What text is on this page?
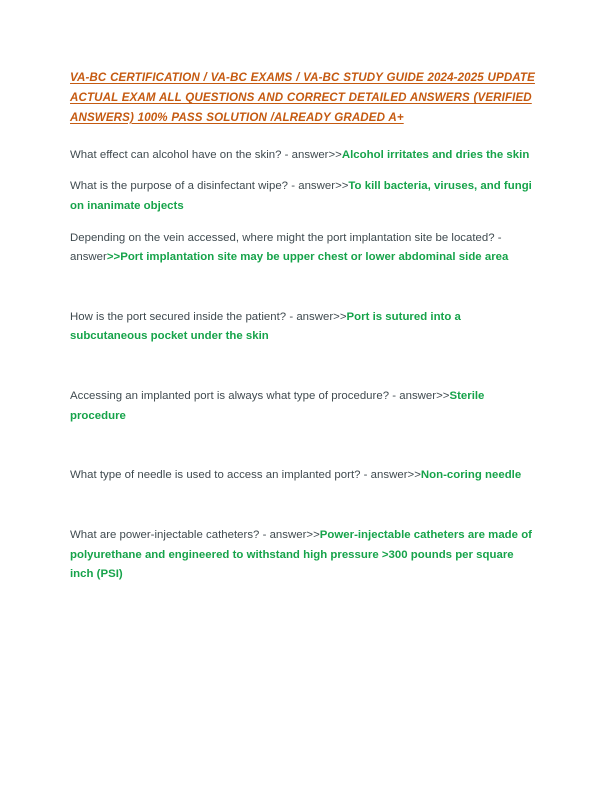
VA-BC CERTIFICATION / VA-BC EXAMS / VA-BC STUDY GUIDE 2024-2025 UPDATE ACTUAL EXAM ALL QUESTIONS AND CORRECT DETAILED ANSWERS (VERIFIED ANSWERS) 100% PASS SOLUTION /ALREADY GRADED A+

What effect can alcohol have on the skin? - answer>>Alcohol irritates and dries the skin

What is the purpose of a disinfectant wipe? - answer>>To kill bacteria, viruses, and fungi on inanimate objects

Depending on the vein accessed, where might the port implantation site be located? - answer>>Port implantation site may be upper chest or lower abdominal side area

How is the port secured inside the patient? - answer>>Port is sutured into a subcutaneous pocket under the skin

Accessing an implanted port is always what type of procedure? - answer>>Sterile procedure

What type of needle is used to access an implanted port? - answer>>Non-coring needle

What are power-injectable catheters? - answer>>Power-injectable catheters are made of polyurethane and engineered to withstand high pressure >300 pounds per square inch (PSI)
